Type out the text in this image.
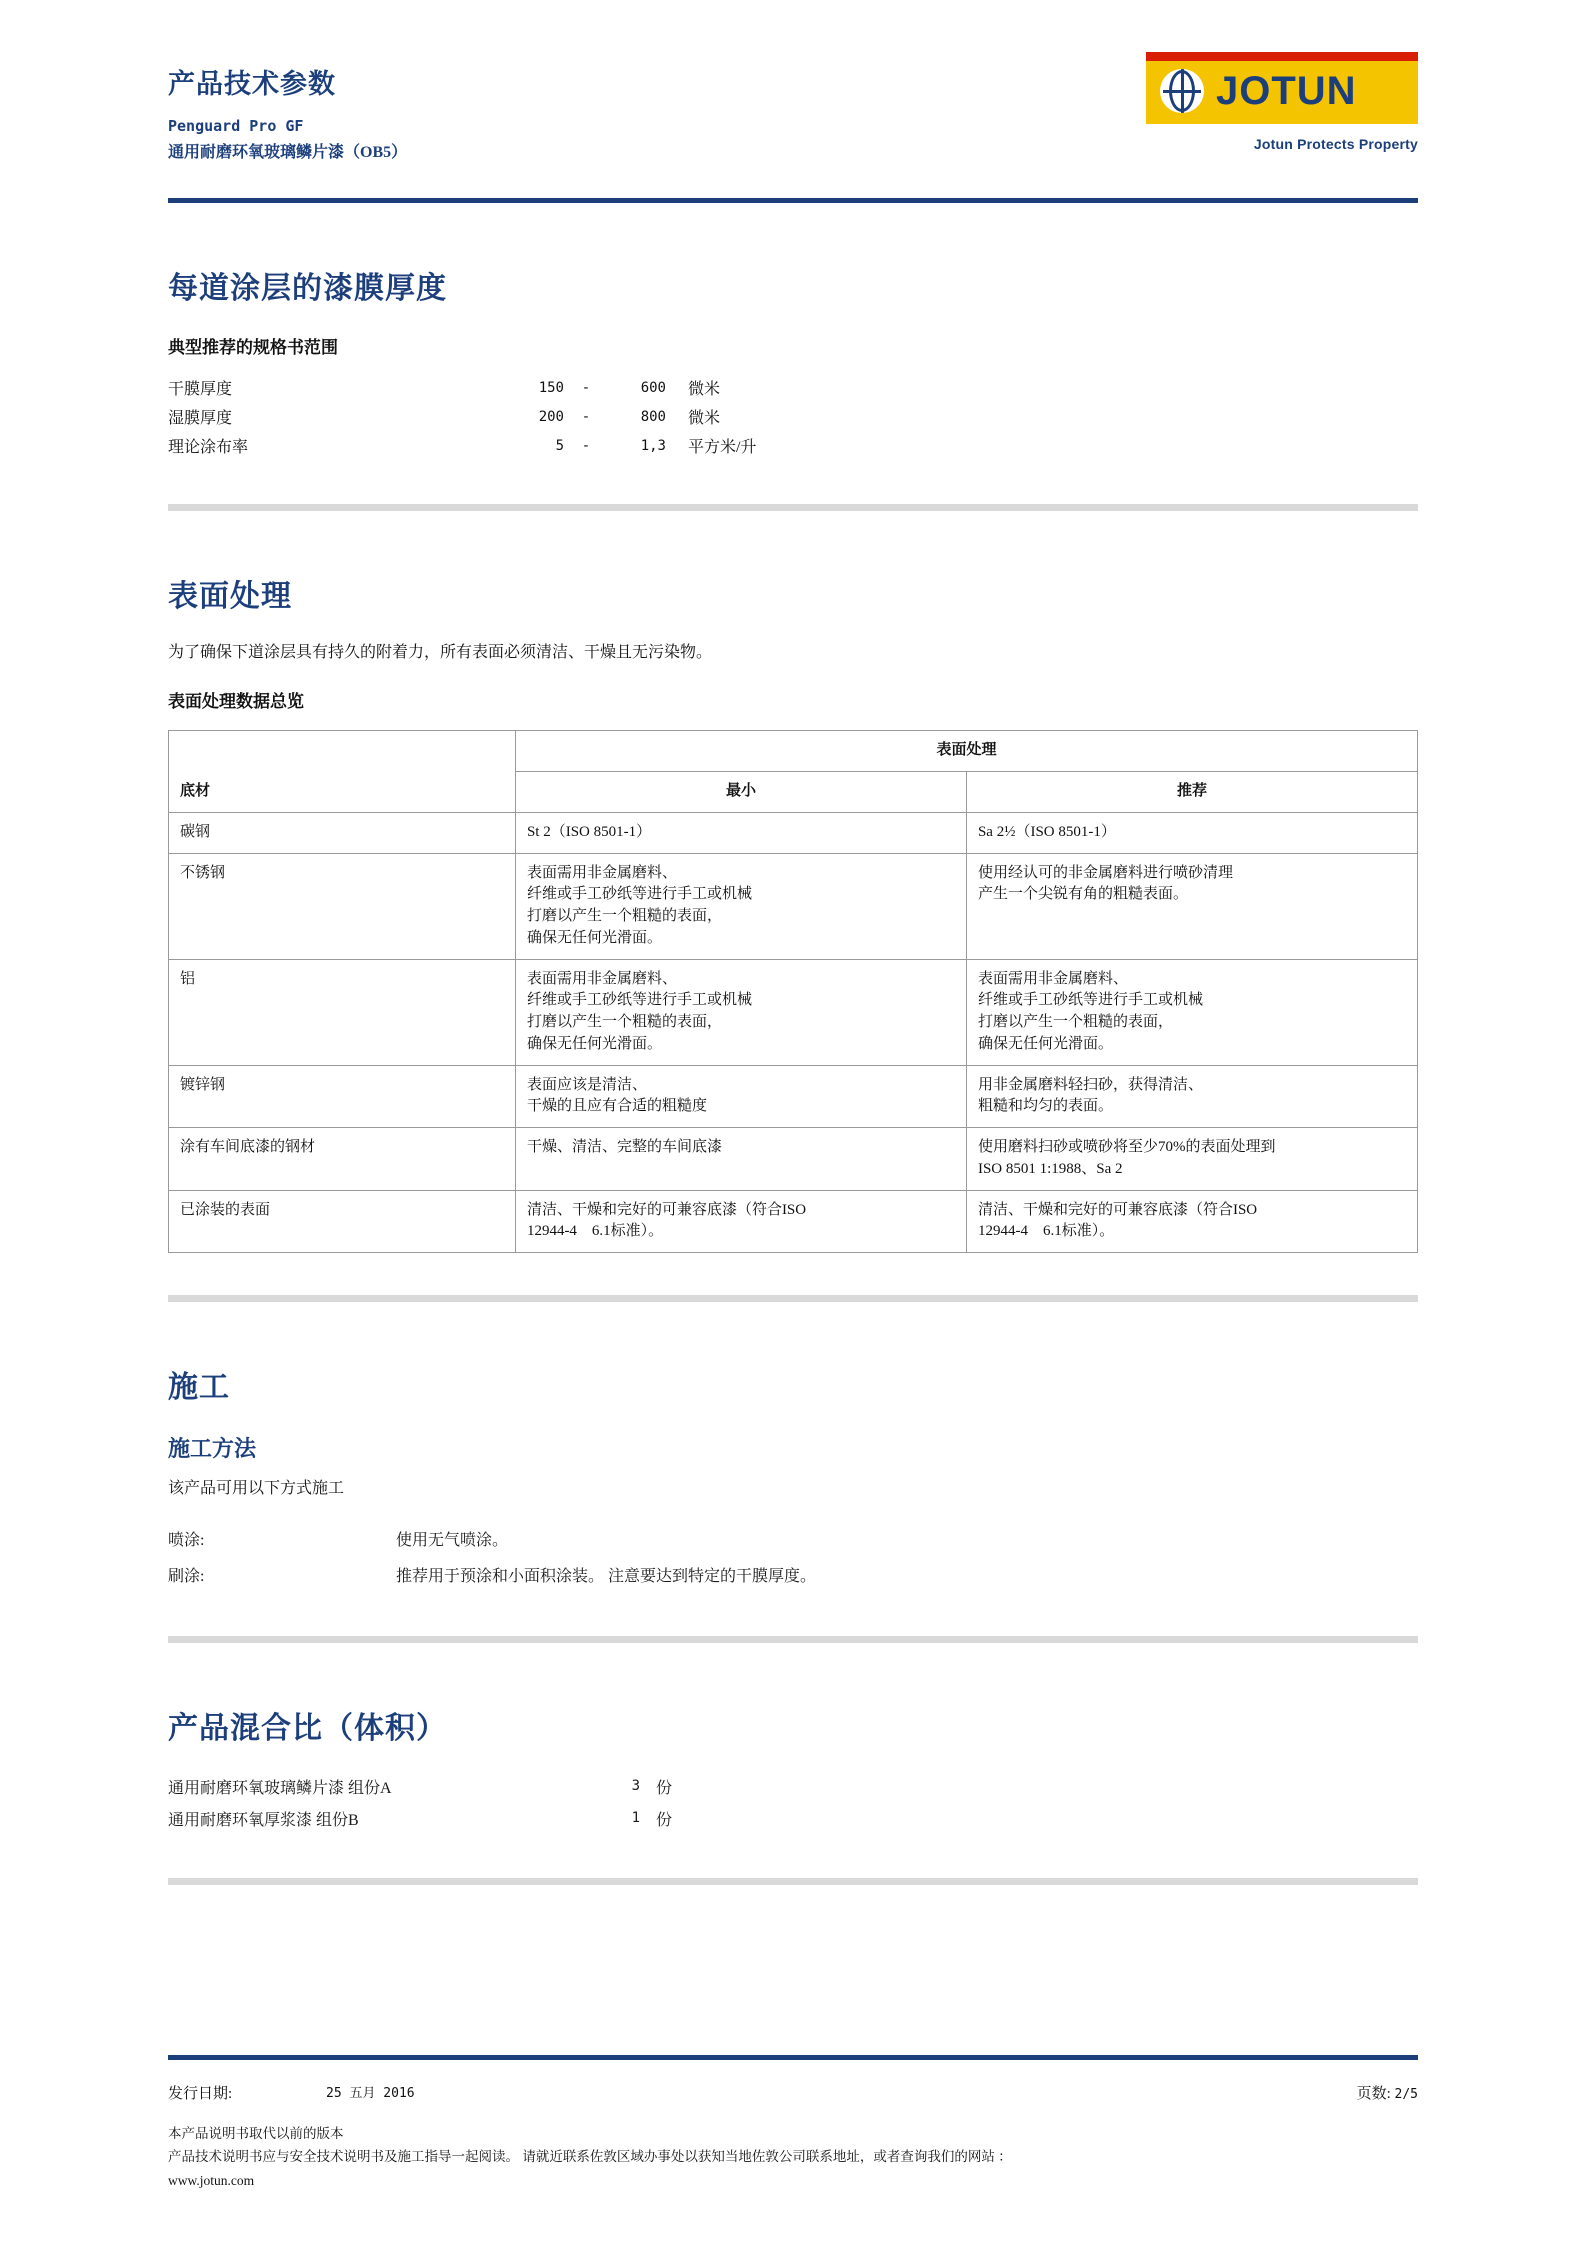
产品技术参数
Penguard Pro GF
通用耐磨环氧玻璃鳞片漆（OB5）
JOTUN
Jotun Protects Property
每道涂层的漆膜厚度
典型推荐的规格书范围
干膜厚度	150	-	600	微米
湿膜厚度	200	-	800	微米
理论涂布率	5	-	1,3	平方米/升
表面处理

为了确保下道涂层具有持久的附着力，所有表面必须清洁、干燥且无污染物。

表面处理数据总览
	表面处理	
底材	最小	推荐
碳钢	St 2（ISO 8501-1）	Sa 2½（ISO 8501-1）
不锈钢	表面需用非金属磨料、
纤维或手工砂纸等进行手工或机械
打磨以产生一个粗糙的表面，
确保无任何光滑面。	使用经认可的非金属磨料进行喷砂清理
产生一个尖锐有角的粗糙表面。
铝	表面需用非金属磨料、
纤维或手工砂纸等进行手工或机械
打磨以产生一个粗糙的表面，
确保无任何光滑面。	表面需用非金属磨料、
纤维或手工砂纸等进行手工或机械
打磨以产生一个粗糙的表面，
确保无任何光滑面。
镀锌钢	表面应该是清洁、
干燥的且应有合适的粗糙度	用非金属磨料轻扫砂，获得清洁、
粗糙和均匀的表面。
涂有车间底漆的钢材	干燥、清洁、完整的车间底漆	使用磨料扫砂或喷砂将至少70%的表面处理到
ISO 8501 1:1988、Sa 2
已涂装的表面	清洁、干燥和完好的可兼容底漆（符合ISO
12944-4　6.1标准）。	清洁、干燥和完好的可兼容底漆（符合ISO
12944-4　6.1标准）。
施工
施工方法

该产品可用以下方式施工

喷涂:	使用无气喷涂。
刷涂:	推荐用于预涂和小面积涂装。 注意要达到特定的干膜厚度。
产品混合比（体积）
通用耐磨环氧玻璃鳞片漆 组份A	3	份
通用耐磨环氧厚浆漆 组份B	1	份
发行日期:	25 五月 2016	页数: 2/5
本产品说明书取代以前的版本
产品技术说明书应与安全技术说明书及施工指导一起阅读。 请就近联系佐敦区域办事处以获知当地佐敦公司联系地址，或者查询我们的网站 ：
www.jotun.com
